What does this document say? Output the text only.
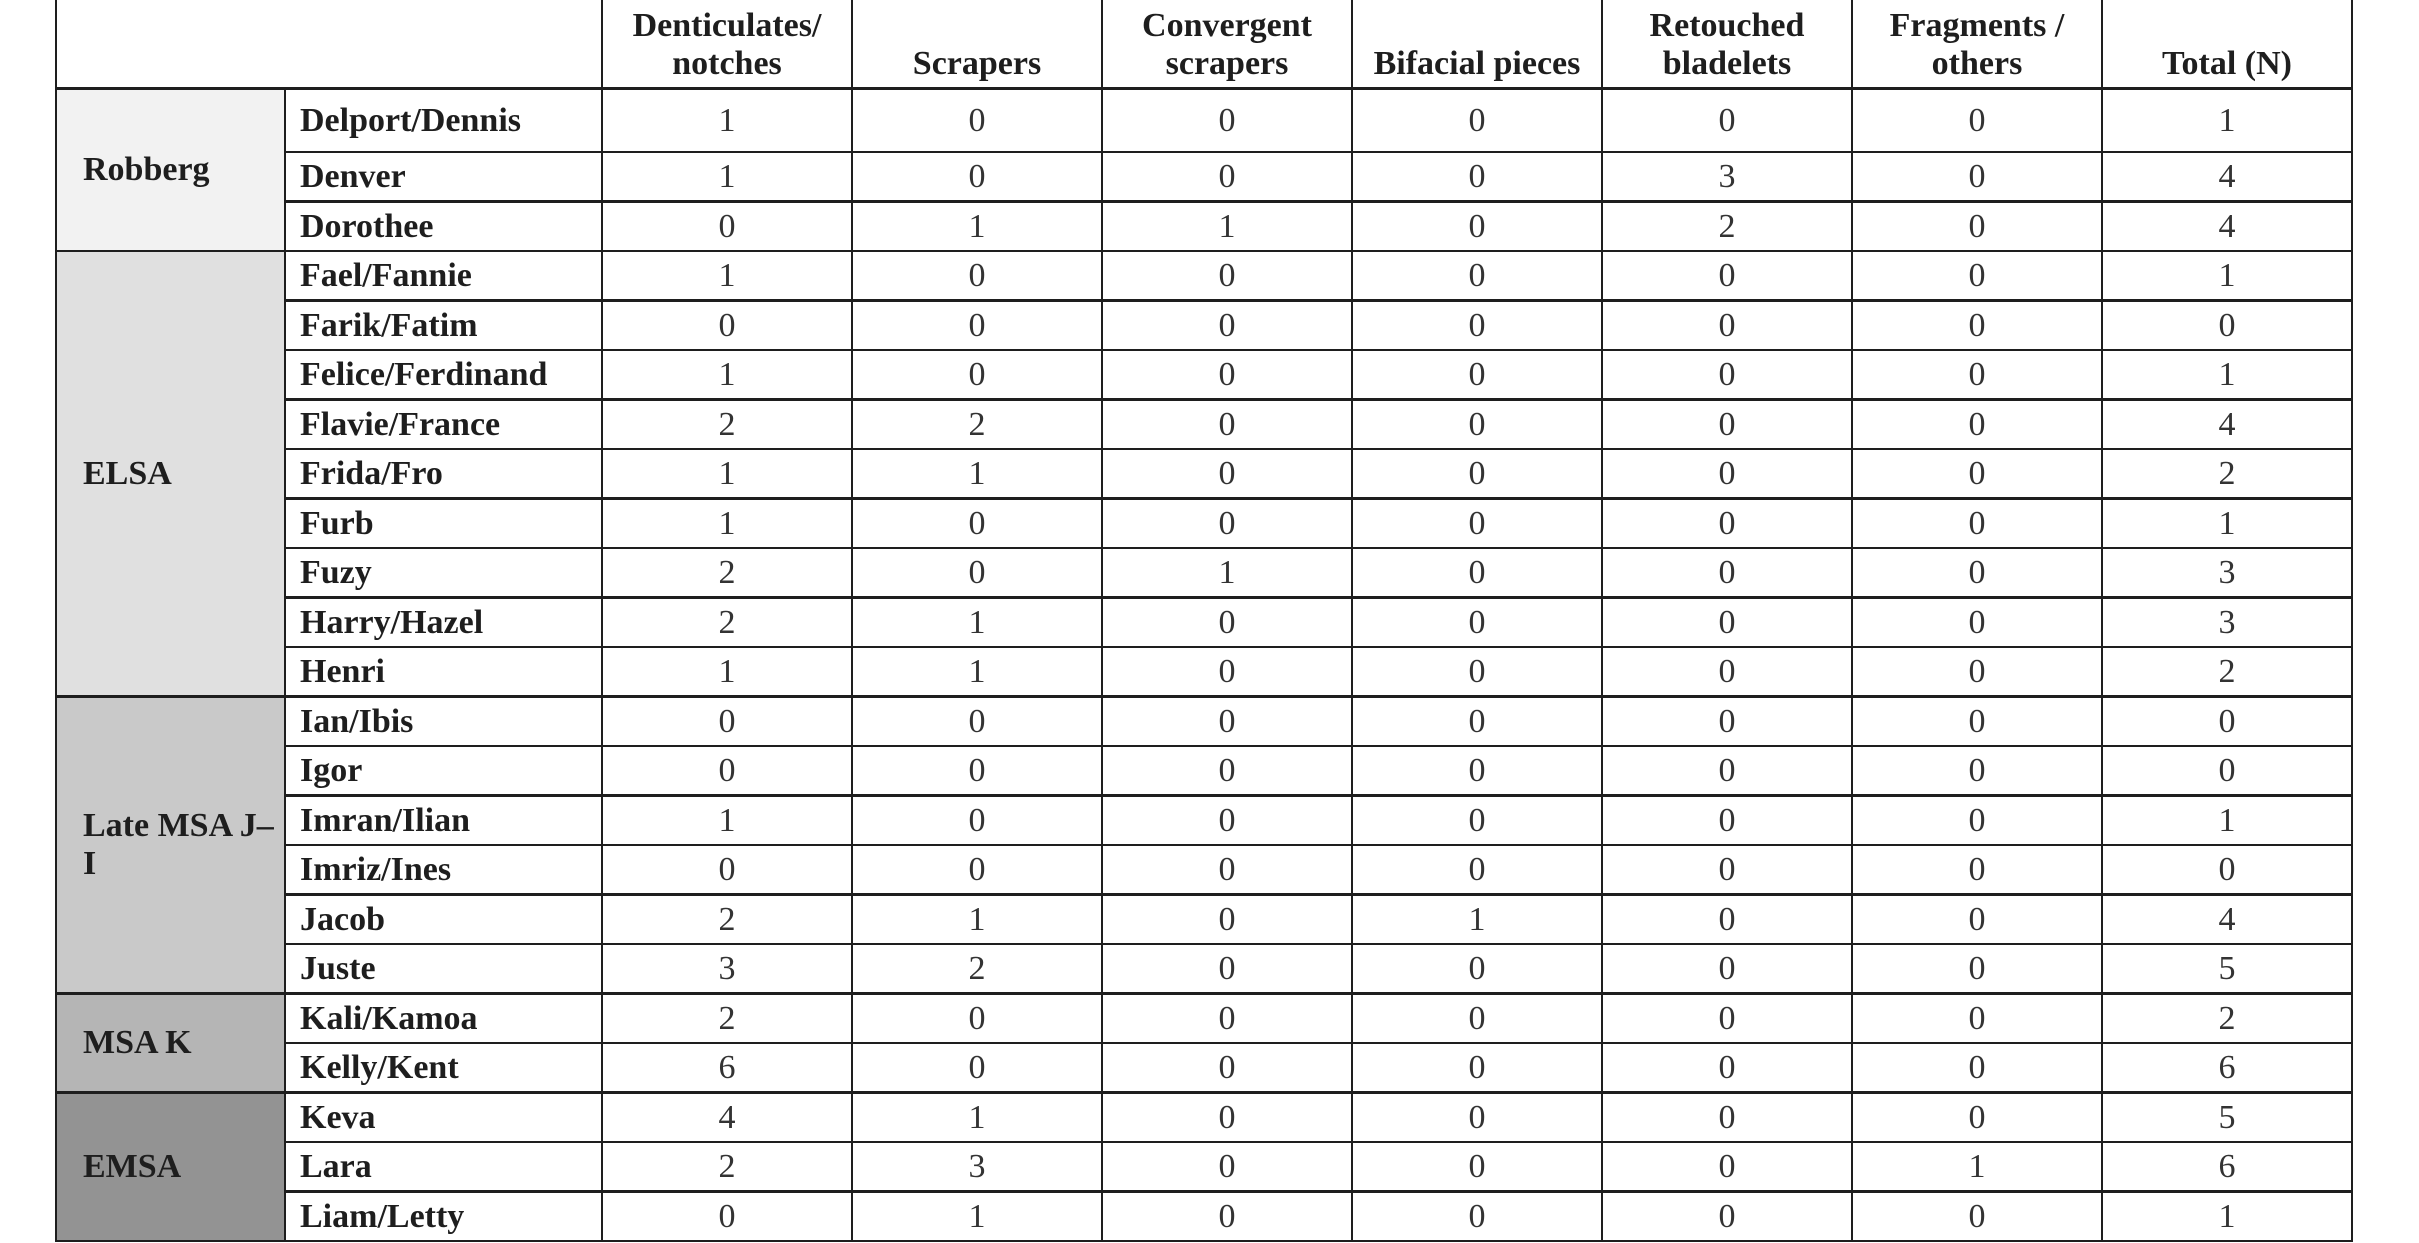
		Denticulates/ notches	Scrapers	Convergent scrapers	Bifacial pieces	Retouched bladelets	Fragments / others	Total (N)
Robberg	Delport/Dennis	1	0	0	0	0	0	1
	Denver	1	0	0	0	3	0	4
	Dorothee	0	1	1	0	2	0	4
ELSA	Fael/Fannie	1	0	0	0	0	0	1
	Farik/Fatim	0	0	0	0	0	0	0
	Felice/Ferdinand	1	0	0	0	0	0	1
	Flavie/France	2	2	0	0	0	0	4
	Frida/Fro	1	1	0	0	0	0	2
	Furb	1	0	0	0	0	0	1
	Fuzy	2	0	1	0	0	0	3
	Harry/Hazel	2	1	0	0	0	0	3
	Henri	1	1	0	0	0	0	2
Late MSA J–I	Ian/Ibis	0	0	0	0	0	0	0
	Igor	0	0	0	0	0	0	0
	Imran/Ilian	1	0	0	0	0	0	1
	Imriz/Ines	0	0	0	0	0	0	0
	Jacob	2	1	0	1	0	0	4
	Juste	3	2	0	0	0	0	5
MSA K	Kali/Kamoa	2	0	0	0	0	0	2
	Kelly/Kent	6	0	0	0	0	0	6
EMSA	Keva	4	1	0	0	0	0	5
	Lara	2	3	0	0	0	1	6
	Liam/Letty	0	1	0	0	0	0	1
